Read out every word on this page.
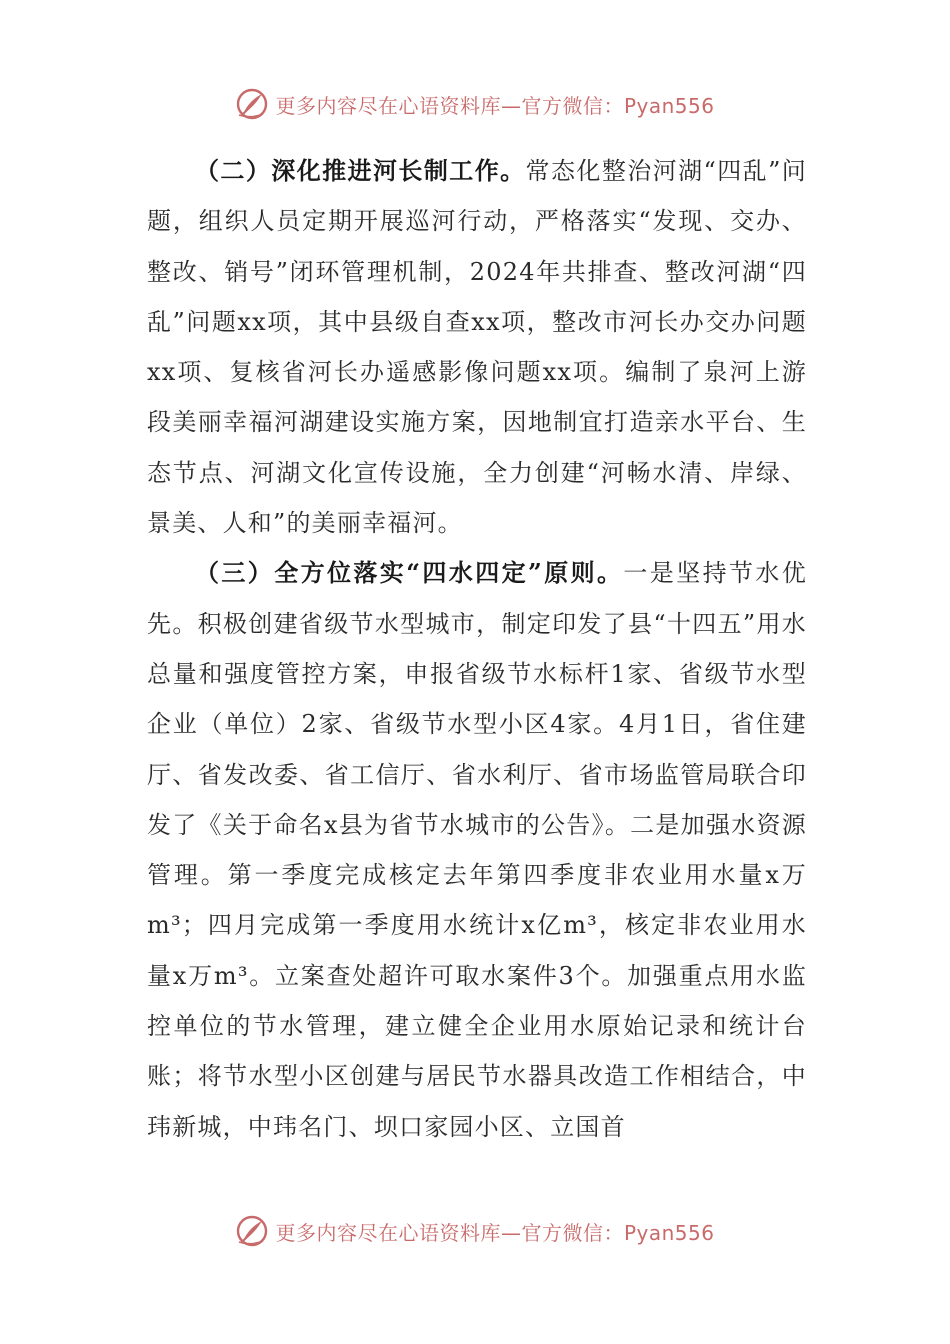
更多内容尽在心语资料库—官方微信：Pyan556

（二）深化推进河长制工作。常态化整治河湖“四乱”问题，组织人员定期开展巡河行动，严格落实“发现、交办、整改、销号”闭环管理机制，2024年共排查、整改河湖“四乱”问题xx项，其中县级自查xx项，整改市河长办交办问题xx项、复核省河长办遥感影像问题xx项。编制了泉河上游段美丽幸福河湖建设实施方案，因地制宜打造亲水平台、生态节点、河湖文化宣传设施，全力创建“河畅水清、岸绿、景美、人和”的美丽幸福河。

（三）全方位落实“四水四定”原则。一是坚持节水优先。积极创建省级节水型城市，制定印发了县“十四五”用水总量和强度管控方案，申报省级节水标杆1家、省级节水型企业（单位）2家、省级节水型小区4家。4月1日，省住建厅、省发改委、省工信厅、省水利厅、省市场监管局联合印发了《关于命名x县为省节水城市的公告》。二是加强水资源管理。第一季度完成核定去年第四季度非农业用水量x万m³；四月完成第一季度用水统计x亿m³，核定非农业用水量x万m³。立案查处超许可取水案件3个。加强重点用水监控单位的节水管理，建立健全企业用水原始记录和统计台账；将节水型小区创建与居民节水器具改造工作相结合，中玮新城，中玮名门、坝口家园小区、立国首

更多内容尽在心语资料库—官方微信：Pyan556
